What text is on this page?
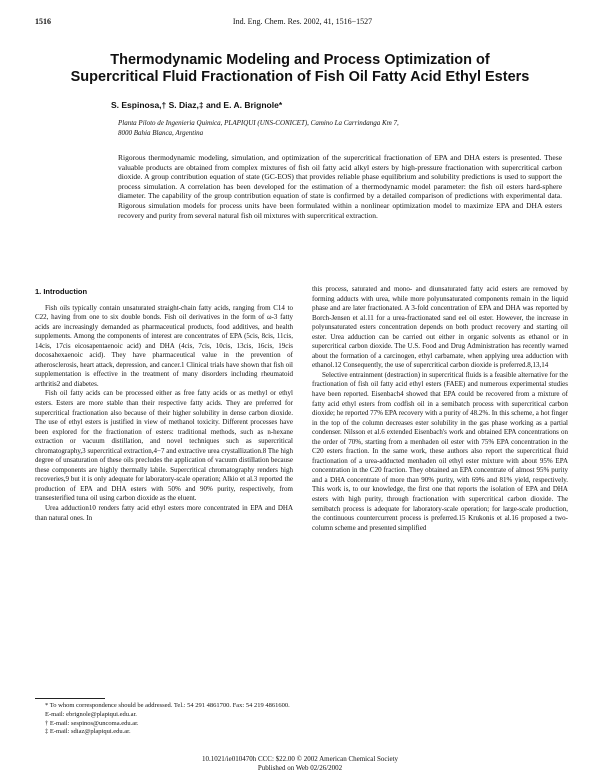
1516	Ind. Eng. Chem. Res. 2002, 41, 1516−1527
Thermodynamic Modeling and Process Optimization of
Supercritical Fluid Fractionation of Fish Oil Fatty Acid Ethyl Esters
S. Espinosa,† S. Diaz,‡ and E. A. Brignole*
Planta Piloto de Ingenieria Quimica, PLAPIQUI (UNS-CONICET), Camino La Carrindanga Km 7,
8000 Bahia Blanca, Argentina

Rigorous thermodynamic modeling, simulation, and optimization of the supercritical fractionation of EPA and DHA esters is presented. These valuable products are obtained from complex mixtures of fish oil fatty acid alkyl esters by high-pressure fractionation with supercritical carbon dioxide. A group contribution equation of state (GC-EOS) that provides reliable phase equilibrium and solubility predictions is used to support the process simulation. A correlation has been developed for the estimation of a thermodynamic model parameter: the fish oil esters hard-sphere diameter. The capability of the group contribution equation of state is confirmed by a detailed comparison of predictions with experimental data. Rigorous simulation models for process units have been formulated within a nonlinear optimization model to maximize EPA and DHA esters recovery and purity from several natural fish oil mixtures with supercritical extraction.

1. Introduction

Fish oils typically contain unsaturated straight-chain fatty acids, ranging from C14 to C22, having from one to six double bonds. Fish oil derivatives in the form of ω-3 fatty acids are increasingly demanded as pharmaceutical products, food additives, and health supplements. Among the components of interest are concentrates of EPA (5cis, 8cis, 11cis, 14cis, 17cis eicosapentaenoic acid) and DHA (4cis, 7cis, 10cis, 13cis, 16cis, 19cis docosahexaenoic acid). They have pharmaceutical value in the prevention of atherosclerosis, heart attack, depression, and cancer.1 Clinical trials have shown that fish oil supplementation is effective in the treatment of many disorders including rheumatoid arthritis2 and diabetes.

Fish oil fatty acids can be processed either as free fatty acids or as methyl or ethyl esters. Esters are more stable than their respective fatty acids. They are preferred for supercritical fractionation also because of their higher solubility in dense carbon dioxide. The use of ethyl esters is justified in view of methanol toxicity. Different processes have been explored for the fractionation of esters: traditional methods, such as n-hexane extraction or vacuum distillation, and novel techniques such as supercritical chromatography,3 supercritical extraction,4−7 and extractive urea crystallization.8 The high degree of unsaturation of these oils precludes the application of vacuum distillation because these components are highly thermally labile. Supercritical chromatography renders high recoveries,9 but it is only adequate for laboratory-scale operation; Alkio et al.3 reported the production of EPA and DHA esters with 50% and 90% purity, respectively, from transesterified tuna oil using carbon dioxide as the eluent.

Urea adduction10 renders fatty acid ethyl esters more concentrated in EPA and DHA than natural ones. In

this process, saturated and mono- and diunsaturated fatty acid esters are removed by forming adducts with urea, while more polyunsaturated components remain in the liquid phase and are later fractionated. A 3-fold concentration of EPA and DHA was reported by Borch-Jensen et al.11 for a urea-fractionated sand eel oil ester. However, the increase in polyunsaturated esters concentration depends on both product recovery and starting oil ester. Urea adduction can be carried out either in organic solvents as ethanol or in supercritical carbon dioxide. The U.S. Food and Drug Administration has recently warned about the formation of a carcinogen, ethyl carbamate, when applying urea adduction with ethanol.12 Consequently, the use of supercritical carbon dioxide is preferred.8,13,14

Selective entrainment (destraction) in supercritical fluids is a feasible alternative for the fractionation of fish oil fatty acid ethyl esters (FAEE) and numerous experimental studies have been reported. Eisenbach4 showed that EPA could be recovered from a mixture of fatty acid ethyl esters from codfish oil in a semibatch process with supercritical carbon dioxide; he reported 77% EPA recovery with a purity of 48.2%. In this scheme, a hot finger in the top of the column decreases ester solubility in the gas phase working as a partial condenser. Nilsson et al.6 extended Eisenbach's work and obtained EPA concentrations on the order of 70%, starting from a menhaden oil ester with 75% EPA concentration in the C20 esters fraction. In the same work, these authors also report the supercritical fluid fractionation of a urea-adducted menhaden oil ethyl ester mixture with about 95% EPA concentration in the C20 fraction. They obtained an EPA concentrate of almost 95% purity and a DHA concentrate of more than 90% purity, with 69% and 81% yield, respectively. This work is, to our knowledge, the first one that reports the isolation of EPA and DHA esters with high purity, through fractionation with supercritical carbon dioxide. The semibatch process is adequate for laboratory-scale operation; for large-scale production, the continuous countercurrent process is preferred.15 Krukonis et al.16 proposed a two-column scheme and presented simplified

* To whom correspondence should be addressed. Tel.: 54 291 4861700. Fax: 54 219 4861600. E-mail: ebrignole@plapiqui.edu.ar.

† E-mail: sespinos@uncoma.edu.ar.

‡ E-mail: sdiaz@plapiqui.edu.ar.

10.1021/ie010470h CCC: $22.00 © 2002 American Chemical Society
Published on Web 02/26/2002
